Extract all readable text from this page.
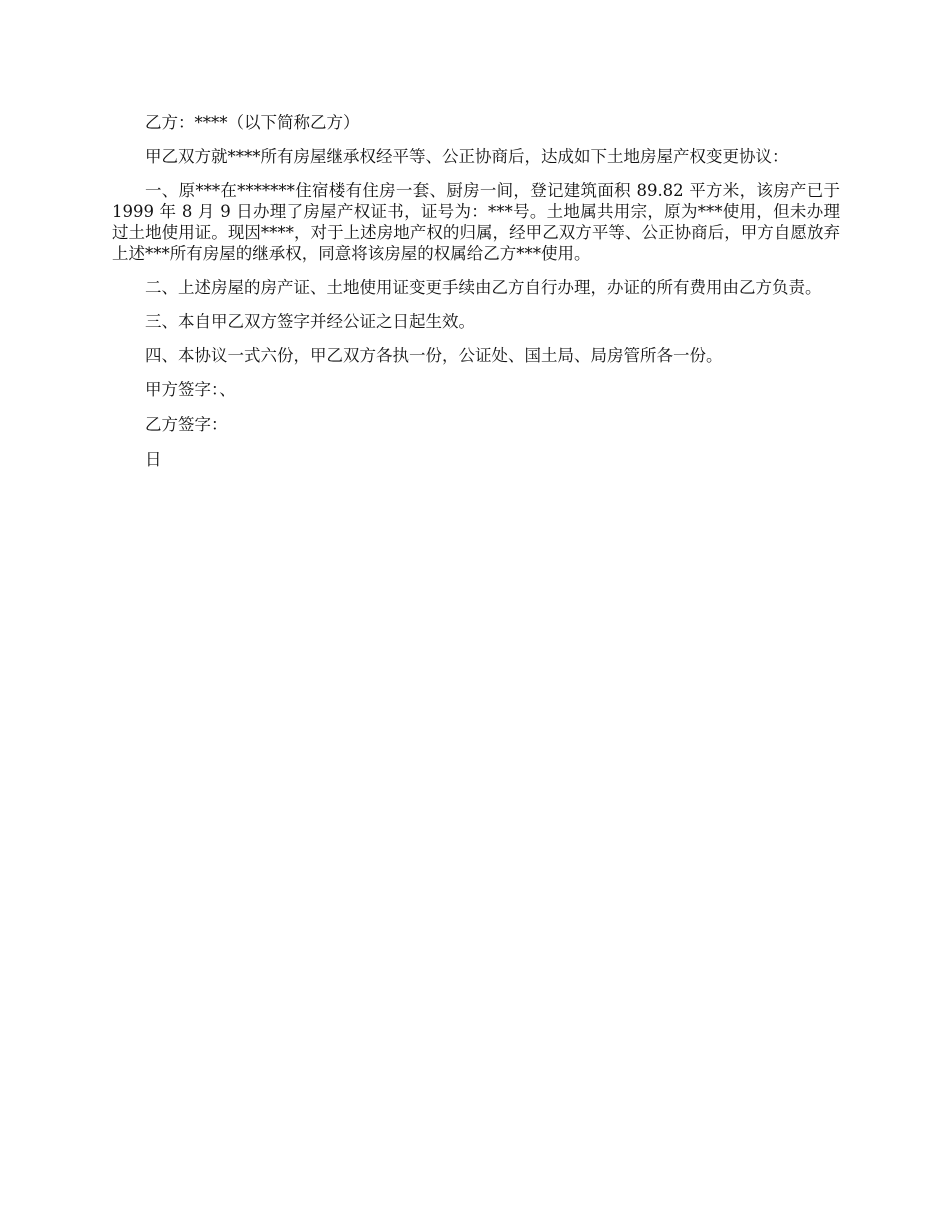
乙方：****（以下简称乙方）

甲乙双方就****所有房屋继承权经平等、公正协商后，达成如下土地房屋产权变更协议：

一、原***在*******住宿楼有住房一套、厨房一间，登记建筑面积 89.82 平方米，该房产已于 1999 年 8 月 9 日办理了房屋产权证书，证号为：***号。土地属共用宗，原为***使用，但未办理过土地使用证。现因****，对于上述房地产权的归属，经甲乙双方平等、公正协商后，甲方自愿放弃上述***所有房屋的继承权，同意将该房屋的权属给乙方***使用。

二、上述房屋的房产证、土地使用证变更手续由乙方自行办理，办证的所有费用由乙方负责。

三、本自甲乙双方签字并经公证之日起生效。

四、本协议一式六份，甲乙双方各执一份，公证处、国土局、局房管所各一份。

甲方签字：、

乙方签字：

日
